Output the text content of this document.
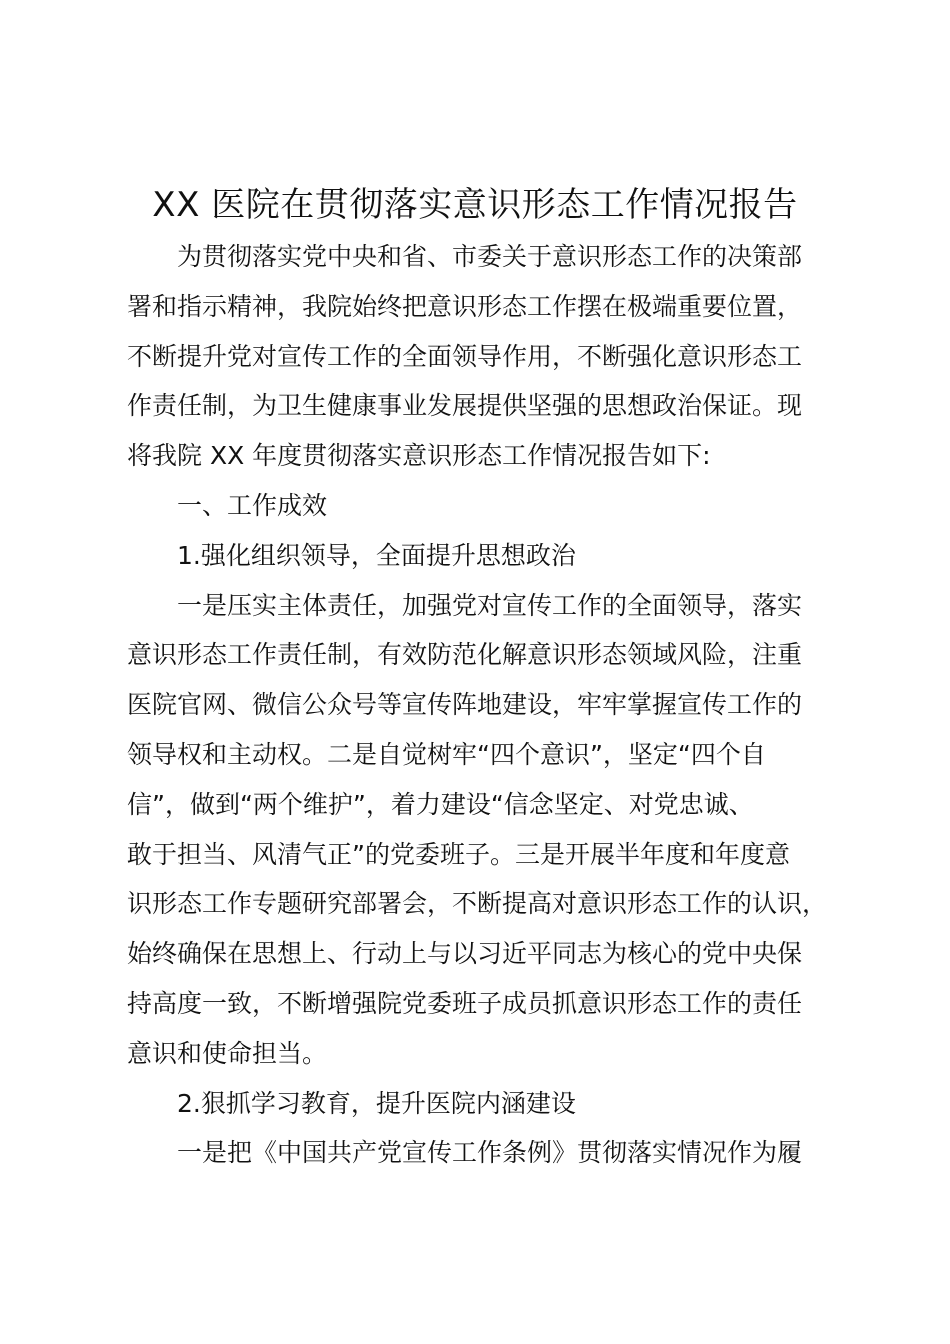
XX 医院在贯彻落实意识形态工作情况报告
为贯彻落实党中央和省、市委关于意识形态工作的决策部
署和指示精神，我院始终把意识形态工作摆在极端重要位置，
不断提升党对宣传工作的全面领导作用，不断强化意识形态工
作责任制，为卫生健康事业发展提供坚强的思想政治保证。现
将我院 XX 年度贯彻落实意识形态工作情况报告如下:
一、工作成效
1.强化组织领导，全面提升思想政治
一是压实主体责任，加强党对宣传工作的全面领导，落实
意识形态工作责任制，有效防范化解意识形态领域风险，注重
医院官网、微信公众号等宣传阵地建设，牢牢掌握宣传工作的
领导权和主动权。二是自觉树牢“四个意识”，坚定“四个自
信”，做到“两个维护”，着力建设“信念坚定、对党忠诚、
敢于担当、风清气正”的党委班子。三是开展半年度和年度意
识形态工作专题研究部署会，不断提高对意识形态工作的认识，
始终确保在思想上、行动上与以习近平同志为核心的党中央保
持高度一致，不断增强院党委班子成员抓意识形态工作的责任
意识和使命担当。
2.狠抓学习教育，提升医院内涵建设
一是把《中国共产党宣传工作条例》贯彻落实情况作为履
